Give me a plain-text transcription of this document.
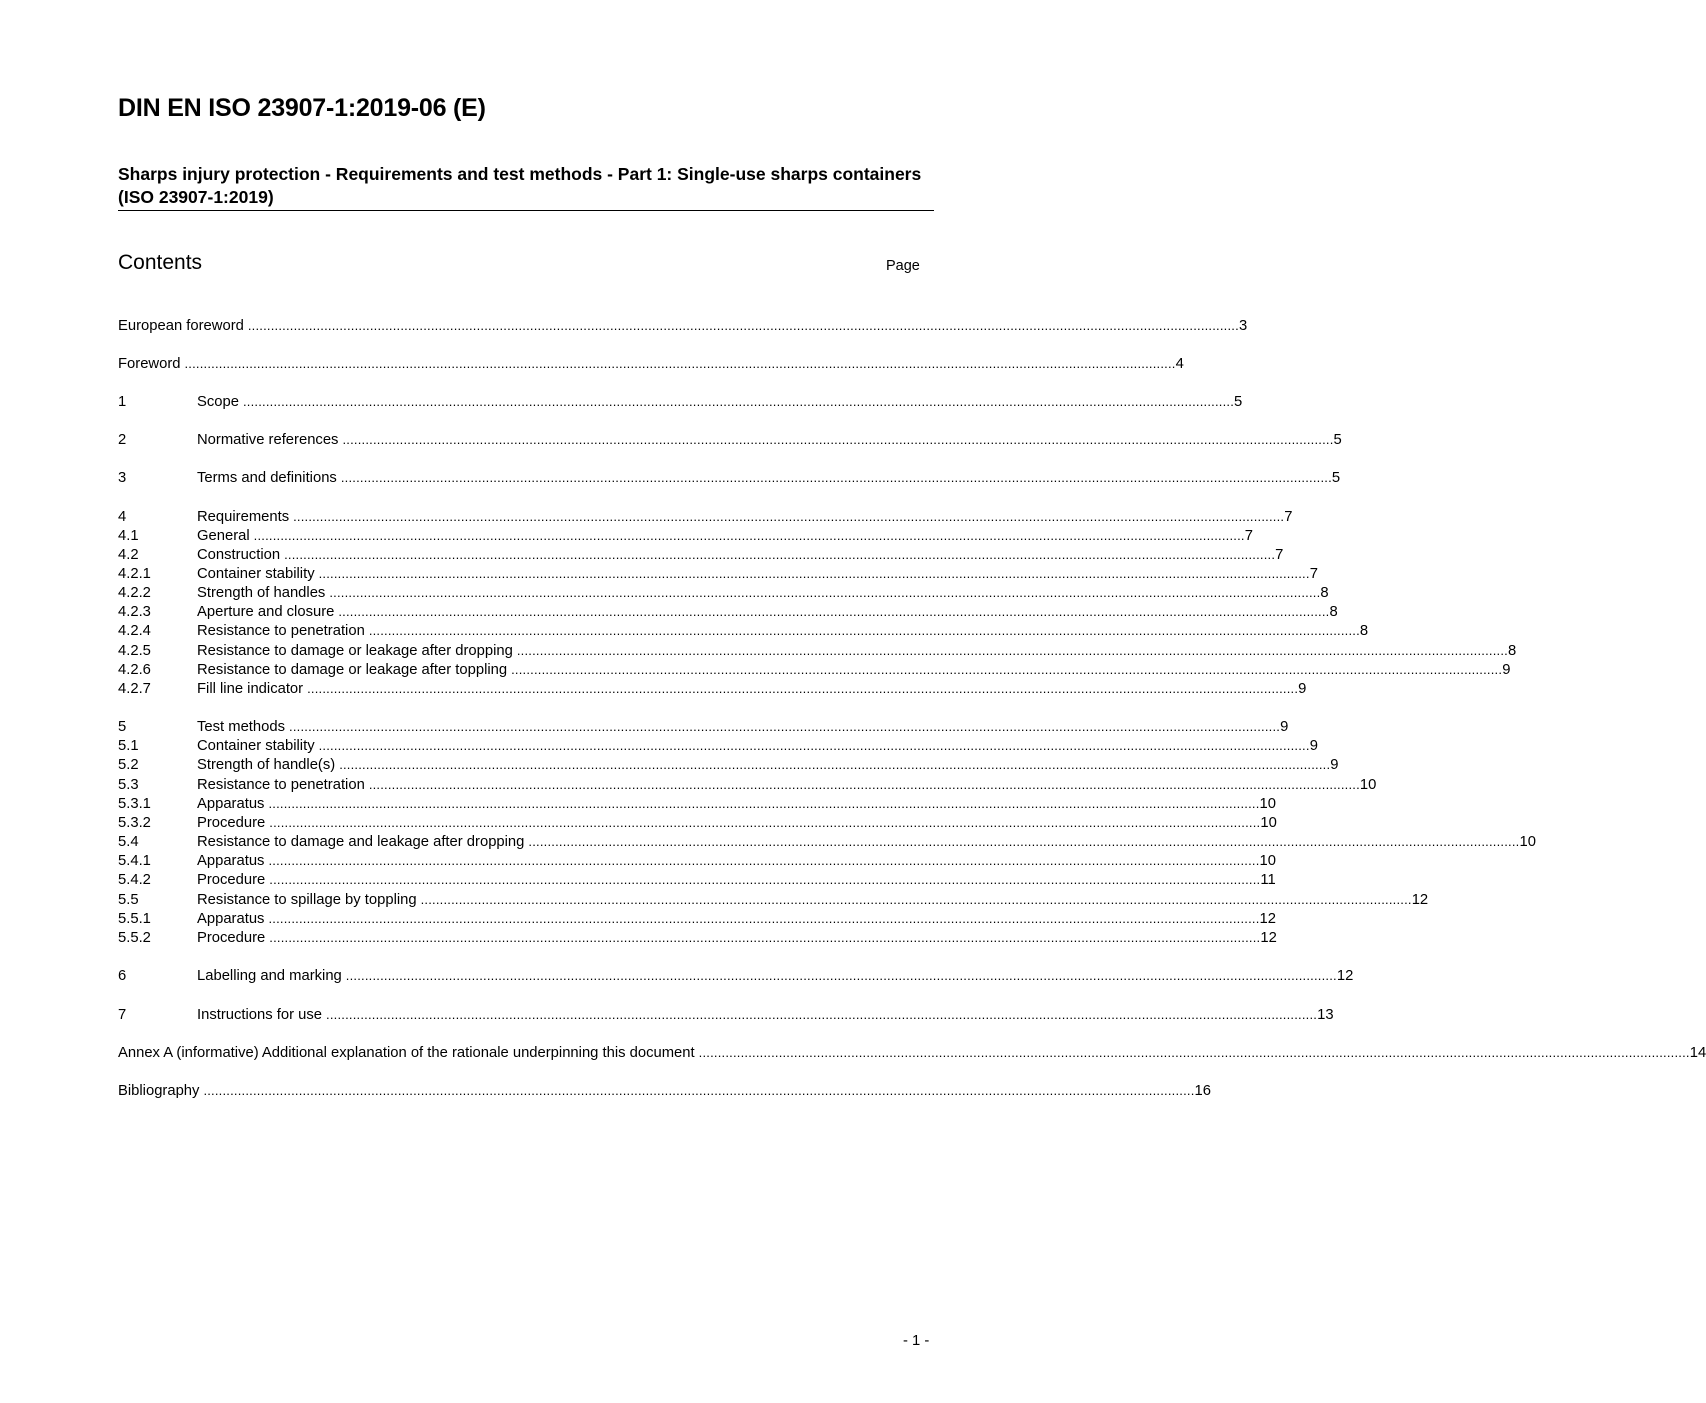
DIN EN ISO 23907-1:2019-06 (E)
Sharps injury protection - Requirements and test methods - Part 1: Single-use sharps containers (ISO 23907-1:2019)
Contents	Page
European foreword .................................................................................................................................................................................................................................................................... 3
Foreword .................................................................................................................................................................................................................................................................... 4
1	Scope .................................................................................................................................................................................................................................................................... 5
2	Normative references .................................................................................................................................................................................................................................................................... 5
3	Terms and definitions .................................................................................................................................................................................................................................................................... 5
4	Requirements .................................................................................................................................................................................................................................................................... 7
4.1	General .................................................................................................................................................................................................................................................................... 7
4.2	Construction .................................................................................................................................................................................................................................................................... 7
4.2.1	Container stability .................................................................................................................................................................................................................................................................... 7
4.2.2	Strength of handles .................................................................................................................................................................................................................................................................... 8
4.2.3	Aperture and closure .................................................................................................................................................................................................................................................................... 8
4.2.4	Resistance to penetration .................................................................................................................................................................................................................................................................... 8
4.2.5	Resistance to damage or leakage after dropping .................................................................................................................................................................................................................................................................... 8
4.2.6	Resistance to damage or leakage after toppling .................................................................................................................................................................................................................................................................... 9
4.2.7	Fill line indicator .................................................................................................................................................................................................................................................................... 9
5	Test methods .................................................................................................................................................................................................................................................................... 9
5.1	Container stability .................................................................................................................................................................................................................................................................... 9
5.2	Strength of handle(s) .................................................................................................................................................................................................................................................................... 9
5.3	Resistance to penetration .................................................................................................................................................................................................................................................................... 10
5.3.1	Apparatus .................................................................................................................................................................................................................................................................... 10
5.3.2	Procedure .................................................................................................................................................................................................................................................................... 10
5.4	Resistance to damage and leakage after dropping .................................................................................................................................................................................................................................................................... 10
5.4.1	Apparatus .................................................................................................................................................................................................................................................................... 10
5.4.2	Procedure .................................................................................................................................................................................................................................................................... 11
5.5	Resistance to spillage by toppling .................................................................................................................................................................................................................................................................... 12
5.5.1	Apparatus .................................................................................................................................................................................................................................................................... 12
5.5.2	Procedure .................................................................................................................................................................................................................................................................... 12
6	Labelling and marking .................................................................................................................................................................................................................................................................... 12
7	Instructions for use .................................................................................................................................................................................................................................................................... 13
Annex A (informative) Additional explanation of the rationale underpinning this document .................................................................................................................................................................................................................................................................... 14
Bibliography .................................................................................................................................................................................................................................................................... 16
- 1 -
